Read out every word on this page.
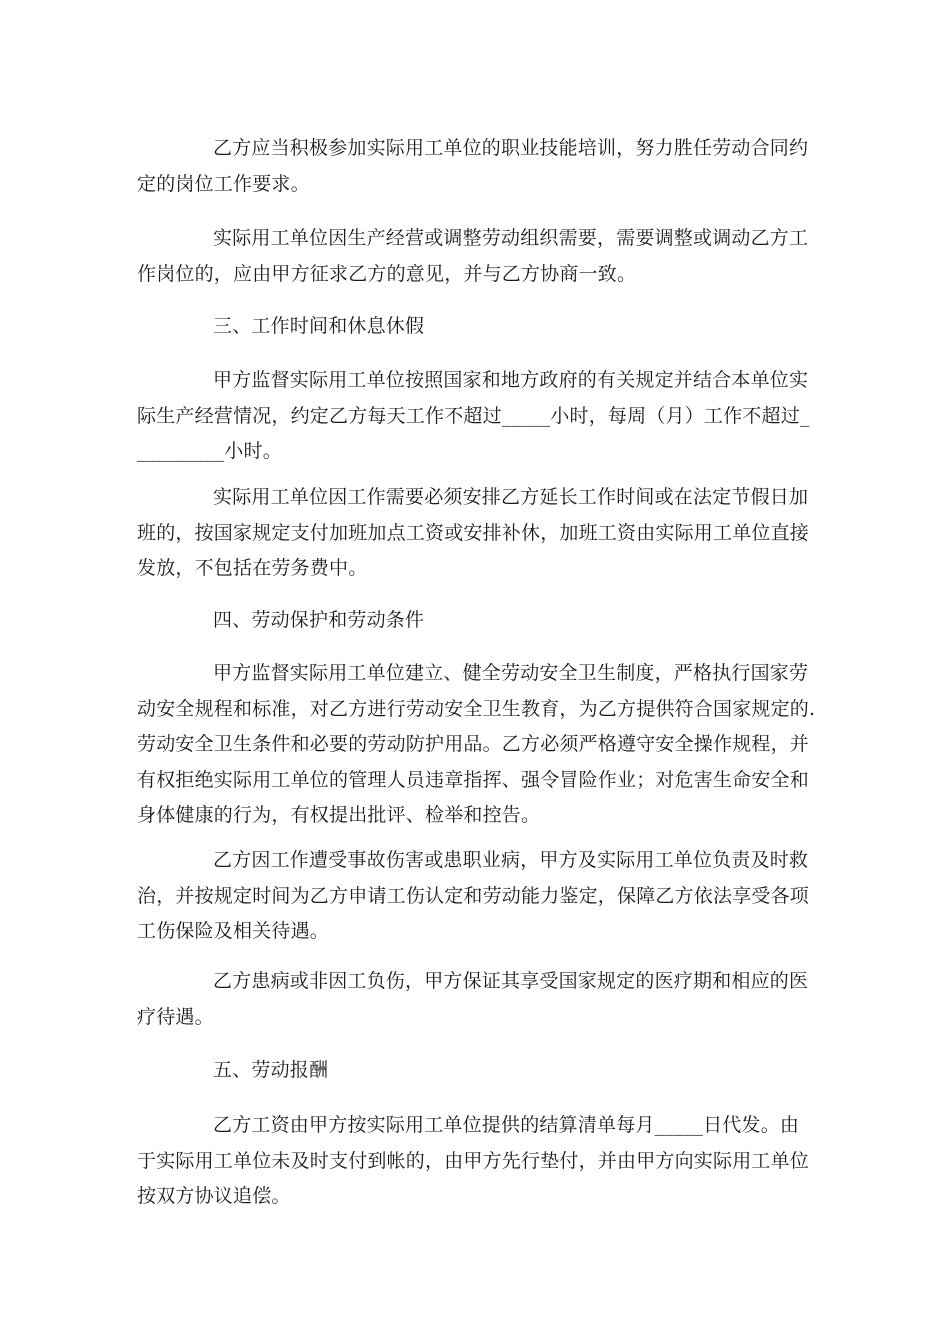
乙方应当积极参加实际用工单位的职业技能培训，努力胜任劳动合同约
定的岗位工作要求。
实际用工单位因生产经营或调整劳动组织需要，需要调整或调动乙方工
作岗位的，应由甲方征求乙方的意见，并与乙方协商一致。
三、工作时间和休息休假
甲方监督实际用工单位按照国家和地方政府的有关规定并结合本单位实
际生产经营情况，约定乙方每天工作不超过_____小时，每周（月）工作不超过_
_________小时。
实际用工单位因工作需要必须安排乙方延长工作时间或在法定节假日加
班的，按国家规定支付加班加点工资或安排补休，加班工资由实际用工单位直接
发放，不包括在劳务费中。
四、劳动保护和劳动条件
甲方监督实际用工单位建立、健全劳动安全卫生制度，严格执行国家劳
动安全规程和标准，对乙方进行劳动安全卫生教育，为乙方提供符合国家规定的.
劳动安全卫生条件和必要的劳动防护用品。乙方必须严格遵守安全操作规程，并
有权拒绝实际用工单位的管理人员违章指挥、强令冒险作业；对危害生命安全和
身体健康的行为，有权提出批评、检举和控告。
乙方因工作遭受事故伤害或患职业病，甲方及实际用工单位负责及时救
治，并按规定时间为乙方申请工伤认定和劳动能力鉴定，保障乙方依法享受各项
工伤保险及相关待遇。
乙方患病或非因工负伤，甲方保证其享受国家规定的医疗期和相应的医
疗待遇。
五、劳动报酬
乙方工资由甲方按实际用工单位提供的结算清单每月_____日代发。由
于实际用工单位未及时支付到帐的，由甲方先行垫付，并由甲方向实际用工单位
按双方协议追偿。
